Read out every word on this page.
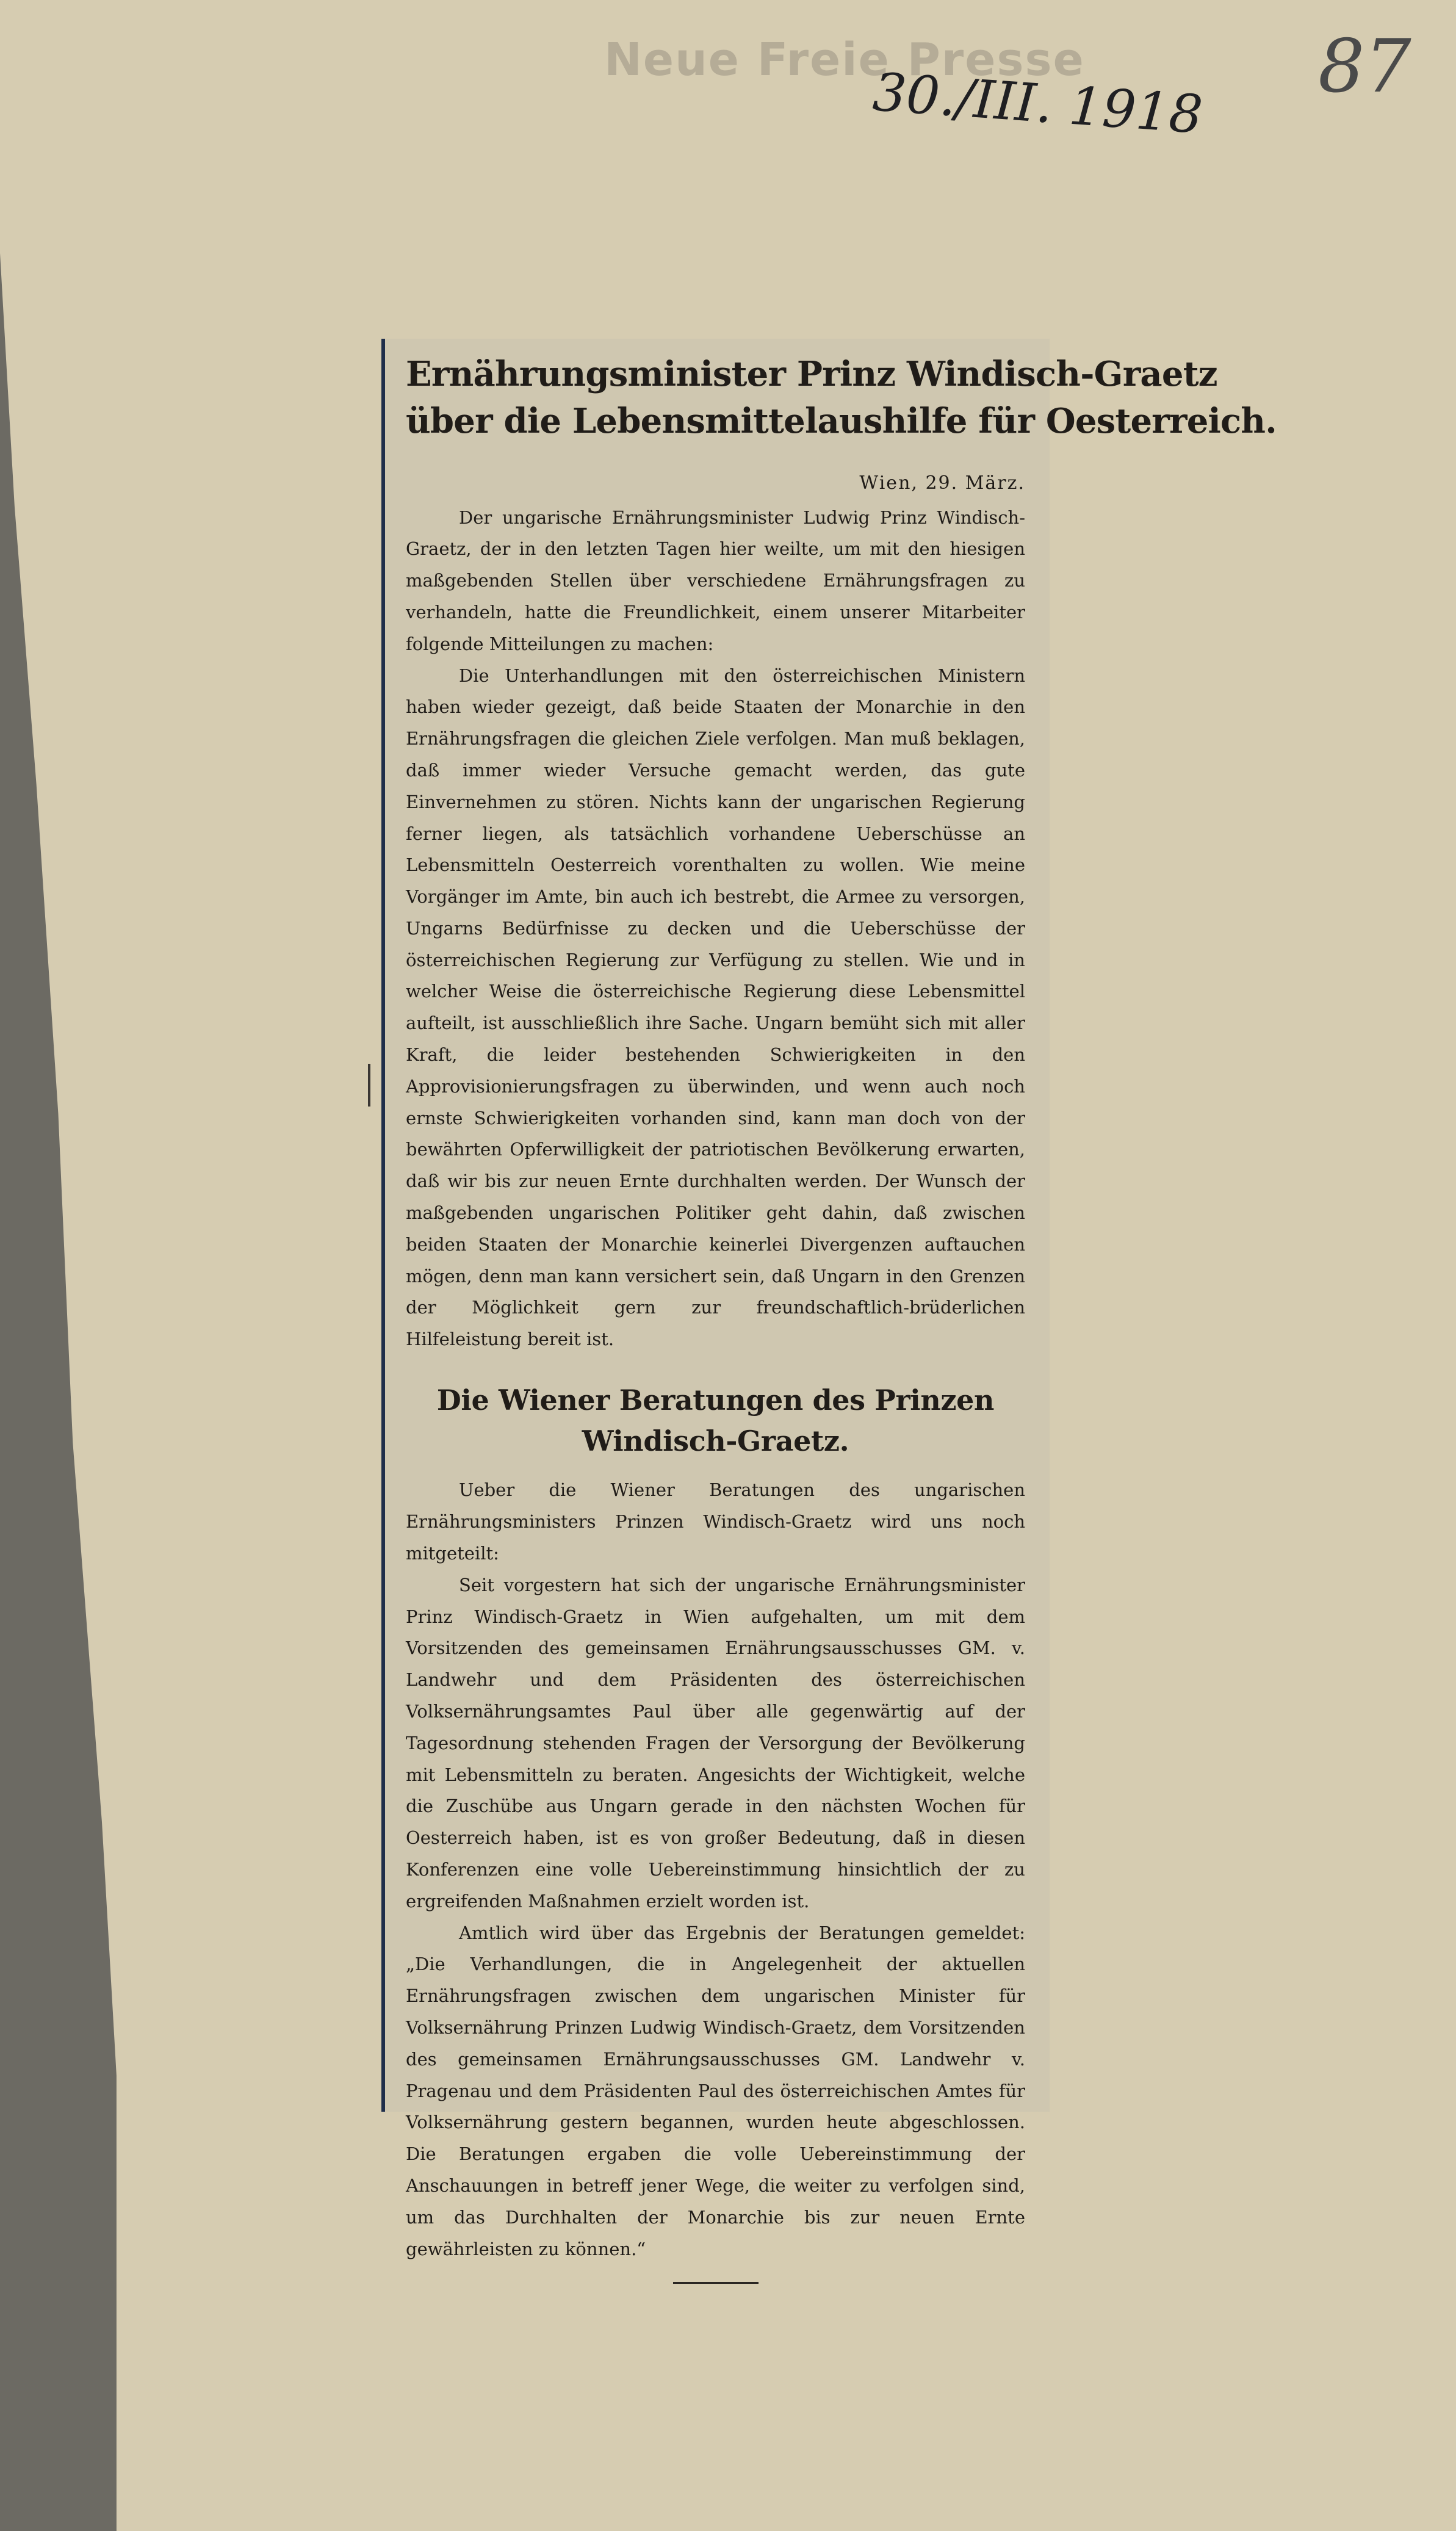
Neue Freie Presse
30./III. 1918 87
Ernährungsminister Prinz Windisch-Graetz
über die Lebensmittelaushilfe für Oesterreich.
Wien, 29. März.

Der ungarische Ernährungsminister Ludwig Prinz Windisch-Graetz, der in den letzten Tagen hier weilte, um mit den hiesigen maßgebenden Stellen über verschiedene Ernährungsfragen zu verhandeln, hatte die Freundlichkeit, einem unserer Mitarbeiter folgende Mitteilungen zu machen:

Die Unterhandlungen mit den österreichischen Ministern haben wieder gezeigt, daß beide Staaten der Monarchie in den Ernährungsfragen die gleichen Ziele verfolgen. Man muß beklagen, daß immer wieder Versuche gemacht werden, das gute Einvernehmen zu stören. Nichts kann der ungarischen Regierung ferner liegen, als tatsächlich vorhandene Ueberschüsse an Lebensmitteln Oesterreich vorenthalten zu wollen. Wie meine Vorgänger im Amte, bin auch ich bestrebt, die Armee zu versorgen, Ungarns Bedürfnisse zu decken und die Ueberschüsse der österreichischen Regierung zur Verfügung zu stellen. Wie und in welcher Weise die österreichische Regierung diese Lebensmittel aufteilt, ist ausschließlich ihre Sache. Ungarn bemüht sich mit aller Kraft, die leider bestehenden Schwierigkeiten in den Approvisionierungsfragen zu überwinden, und wenn auch noch ernste Schwierigkeiten vorhanden sind, kann man doch von der bewährten Opferwilligkeit der patriotischen Bevölkerung erwarten, daß wir bis zur neuen Ernte durchhalten werden. Der Wunsch der maßgebenden ungarischen Politiker geht dahin, daß zwischen beiden Staaten der Monarchie keinerlei Divergenzen auftauchen mögen, denn man kann versichert sein, daß Ungarn in den Grenzen der Möglichkeit gern zur freundschaftlich-brüderlichen Hilfeleistung bereit ist.

Die Wiener Beratungen des Prinzen Windisch-Graetz.

Ueber die Wiener Beratungen des ungarischen Ernährungsministers Prinzen Windisch-Graetz wird uns noch mitgeteilt:

Seit vorgestern hat sich der ungarische Ernährungsminister Prinz Windisch-Graetz in Wien aufgehalten, um mit dem Vorsitzenden des gemeinsamen Ernährungsausschusses GM. v. Landwehr und dem Präsidenten des österreichischen Volksernährungsamtes Paul über alle gegenwärtig auf der Tagesordnung stehenden Fragen der Versorgung der Bevölkerung mit Lebensmitteln zu beraten. Angesichts der Wichtigkeit, welche die Zuschübe aus Ungarn gerade in den nächsten Wochen für Oesterreich haben, ist es von großer Bedeutung, daß in diesen Konferenzen eine volle Uebereinstimmung hinsichtlich der zu ergreifenden Maßnahmen erzielt worden ist.

Amtlich wird über das Ergebnis der Beratungen gemeldet: „Die Verhandlungen, die in Angelegenheit der aktuellen Ernährungsfragen zwischen dem ungarischen Minister für Volksernährung Prinzen Ludwig Windisch-Graetz, dem Vorsitzenden des gemeinsamen Ernährungsausschusses GM. Landwehr v. Pragenau und dem Präsidenten Paul des österreichischen Amtes für Volksernährung gestern begannen, wurden heute abgeschlossen. Die Beratungen ergaben die volle Uebereinstimmung der Anschauungen in betreff jener Wege, die weiter zu verfolgen sind, um das Durchhalten der Monarchie bis zur neuen Ernte gewährleisten zu können.“
